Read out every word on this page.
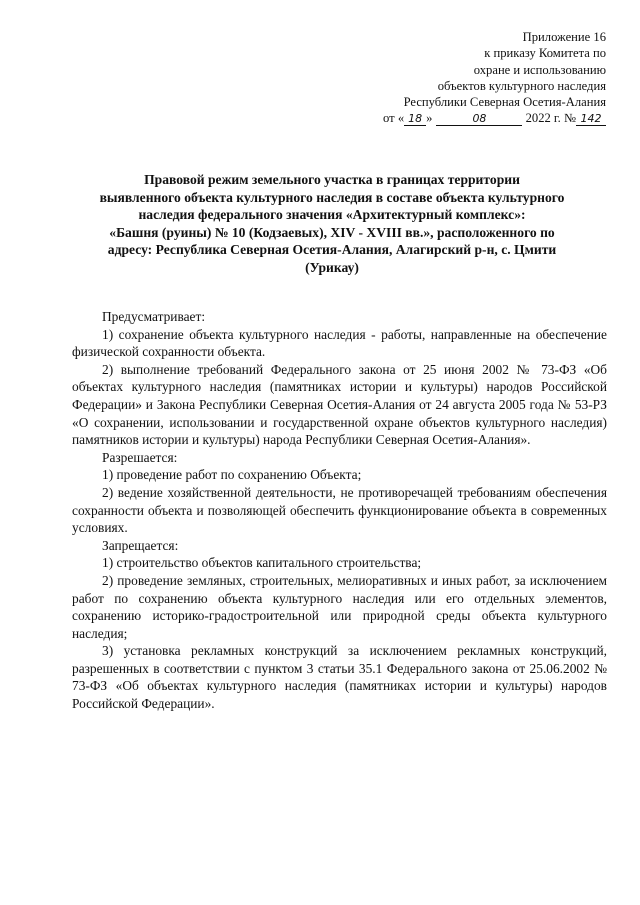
Приложение 16
к приказу Комитета по
охране и использованию
объектов культурного наследия
Республики Северная Осетия-Алания
от « 18 »	08	2022 г. № 142
Правовой режим земельного участка в границах территории
выявленного объекта культурного наследия в составе объекта культурного
наследия федерального значения «Архитектурный комплекс»:
«Башня (руины) № 10 (Кодзаевых), XIV - XVIII вв.», расположенного по
адресу: Республика Северная Осетия-Алания, Алагирский р-н, с. Цмити
(Урикау)

Предусматривает:

1) сохранение объекта культурного наследия - работы, направленные на обеспечение физической сохранности объекта.

2) выполнение требований Федерального закона от 25 июня 2002 № 73-ФЗ «Об объектах культурного наследия (памятниках истории и культуры) народов Российской Федерации» и Закона Республики Северная Осетия-Алания от 24 августа 2005 года № 53-РЗ «О сохранении, использовании и государственной охране объектов культурного наследия) памятников истории и культуры) народа Республики Северная Осетия-Алания».

Разрешается:

1) проведение работ по сохранению Объекта;

2) ведение хозяйственной деятельности, не противоречащей требованиям обеспечения сохранности объекта и позволяющей обеспечить функционирование объекта в современных условиях.

Запрещается:

1) строительство объектов капитального строительства;

2) проведение земляных, строительных, мелиоративных и иных работ, за исключением работ по сохранению объекта культурного наследия или его отдельных элементов, сохранению историко-градостроительной или природной среды объекта культурного наследия;

3) установка рекламных конструкций за исключением рекламных конструкций, разрешенных в соответствии с пунктом 3 статьи 35.1 Федерального закона от 25.06.2002 № 73-ФЗ «Об объектах культурного наследия (памятниках истории и культуры) народов Российской Федерации».
